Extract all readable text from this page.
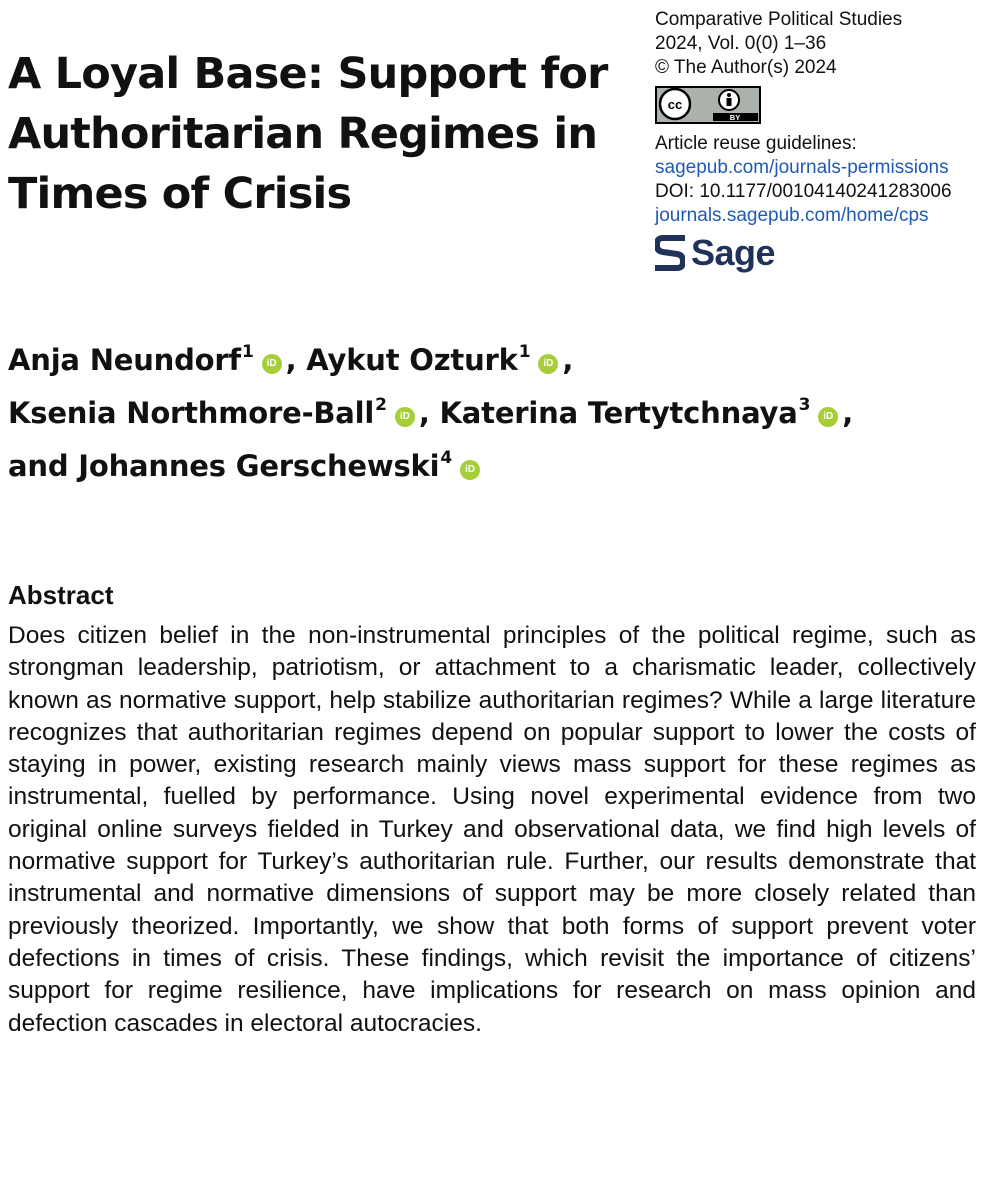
A Loyal Base: Support for
Authoritarian Regimes in
Times of Crisis
Comparative Political Studies
2024, Vol. 0(0) 1–36
© The Author(s) 2024
BY
cc
Article reuse guidelines:
sagepub.com/journals-permissions
DOI: 10.1177/00104140241283006
journals.sagepub.com/home/cps
Sage
Anja Neundorf$^1$iD , Aykut Ozturk$^1$iD ,
Ksenia Northmore-Ball$^2$iD , Katerina Tertytchnaya$^3$iD ,
and Johannes Gerschewski$^4$iD
Abstract

Does citizen belief in the non-instrumental principles of the political regime, such as strongman leadership, patriotism, or attachment to a charismatic leader, collectively known as normative support, help stabilize authoritarian regimes? While a large literature recognizes that authoritarian regimes depend on popular support to lower the costs of staying in power, existing research mainly views mass support for these regimes as instrumental, fuelled by performance. Using novel experimental evidence from two original online surveys fielded in Turkey and observational data, we find high levels of normative support for Turkey’s authoritarian rule. Further, our results demonstrate that instrumental and normative dimensions of support may be more closely related than previously theorized. Importantly, we show that both forms of support prevent voter defections in times of crisis. These findings, which revisit the importance of citizens’ support for regime resilience, have implications for research on mass opinion and defection cascades in electoral autocracies.
